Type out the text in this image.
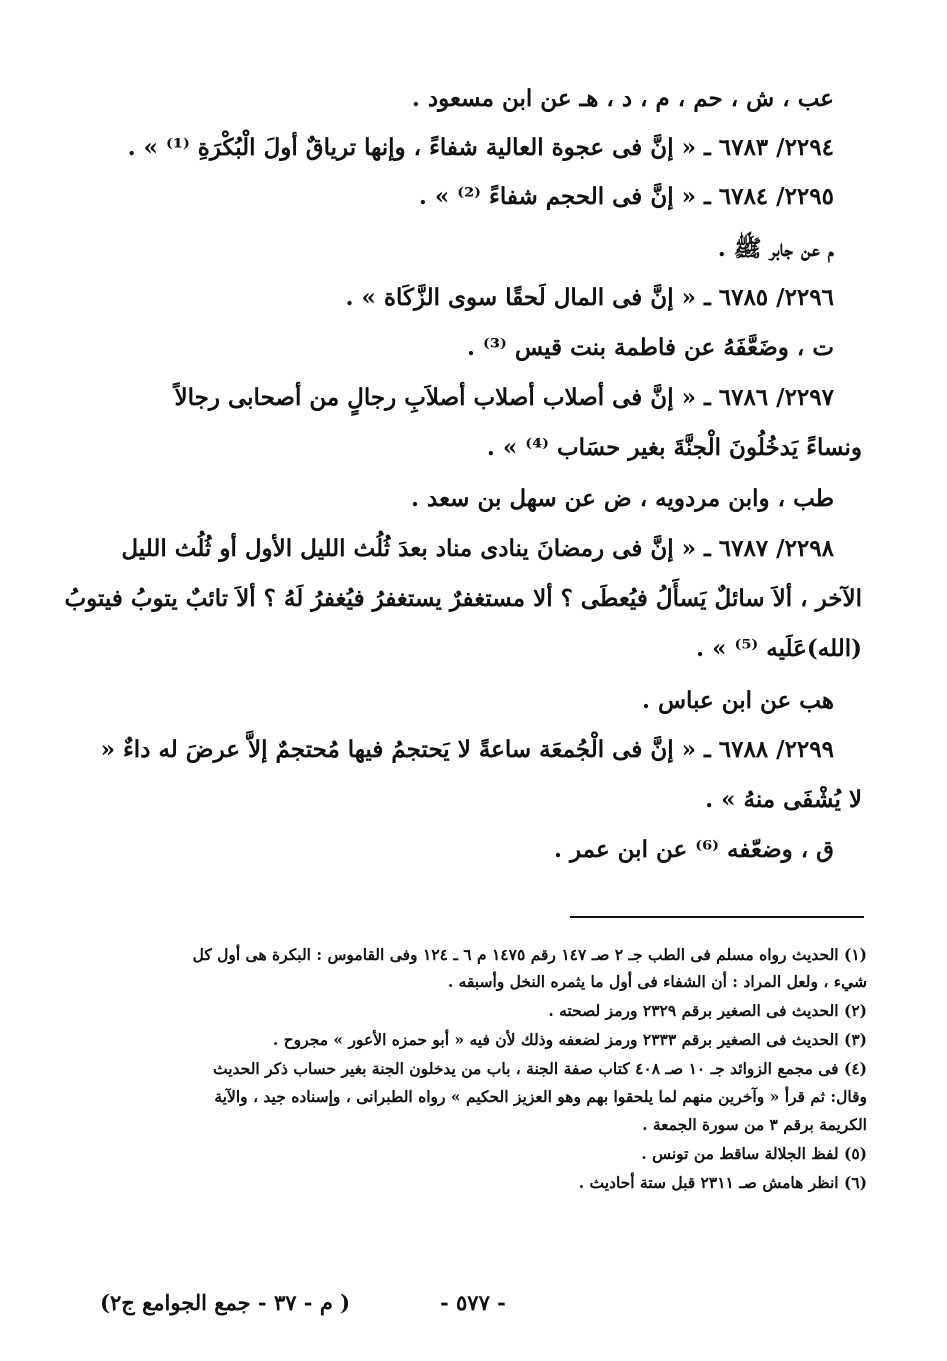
عب ، ش ، حم ، م ، د ، هـ عن ابن مسعود .
٢٢٩٤/ ٦٧٨٣ ـ « إنَّ فى عجوة العالية شفاءً ، وإنها ترياقٌ أولَ الْبُكْرَةِ ⁽¹⁾ » .
٢٢٩٥/ ٦٧٨٤ ـ « إنَّ فى الحجم شفاءً ⁽²⁾ » .
م عن جابر ﷺ .
٢٢٩٦/ ٦٧٨٥ ـ « إنَّ فى المال لَحقًا سوى الزَّكَاة » .
ت ، وضَعَّفَهُ عن فاطمة بنت قيس ⁽³⁾ .
٢٢٩٧/ ٦٧٨٦ ـ « إنَّ فى أصلاب أصلاب أصلاَبِ رجالٍ من أصحابى رجالاً
ونساءً يَدخُلُونَ الْجنَّةَ بغير حسَاب ⁽⁴⁾ » .
طب ، وابن مردويه ، ض عن سهل بن سعد .
٢٢٩٨/ ٦٧٨٧ ـ « إنَّ فى رمضانَ ينادى مناد بعدَ ثُلُث الليل الأول أو ثُلُث الليل
الآخر ، ألاَ سائلٌ يَسأَلُ فيُعطَى ؟ ألا مستغفرٌ يستغفرُ فيُغفرُ لَهُ ؟ ألاَ تائبٌ يتوبُ فيتوبُ
(الله)عَلَيه ⁽⁵⁾ » .
هب عن ابن عباس .
٢٢٩٩/ ٦٧٨٨ ـ « إنَّ فى الْجُمعَة ساعةً لا يَحتجمُ فيها مُحتجمٌ إلاَّ عرضَ له داءٌ «
لا يُشْفَى منهُ » .
ق ، وضعّفه ⁽⁶⁾ عن ابن عمر .
(١) الحديث رواه مسلم فى الطب جـ ٢ صـ ١٤٧ رقم ١٤٧٥ م ٦ ـ ١٢٤ وفى القاموس : البكرة هى أول كل
شيء ، ولعل المراد : أن الشفاء فى أول ما يثمره النخل وأسبقه .
(٢) الحديث فى الصغير برقم ٢٣٢٩ ورمز لصحته .
(٣) الحديث فى الصغير برقم ٢٣٣٣ ورمز لضعفه وذلك لأن فيه « أبو حمزه الأعور » مجروح .
(٤) فى مجمع الزوائد جـ ١٠ صـ ٤٠٨ كتاب صفة الجنة ، باب من يدخلون الجنة بغير حساب ذكر الحديث
وقال: ثم قرأ « وآخرين منهم لما يلحقوا بهم وهو العزيز الحكيم » رواه الطبرانى ، وإسناده جيد ، والآية
الكريمة برقم ٣ من سورة الجمعة .
(٥) لفظ الجلالة ساقط من تونس .
(٦) انظر هامش صـ ٢٣١١ قبل ستة أحاديث .
- ٥٧٧ -
( م - ٣٧ - جمع الجوامع ج٢)
